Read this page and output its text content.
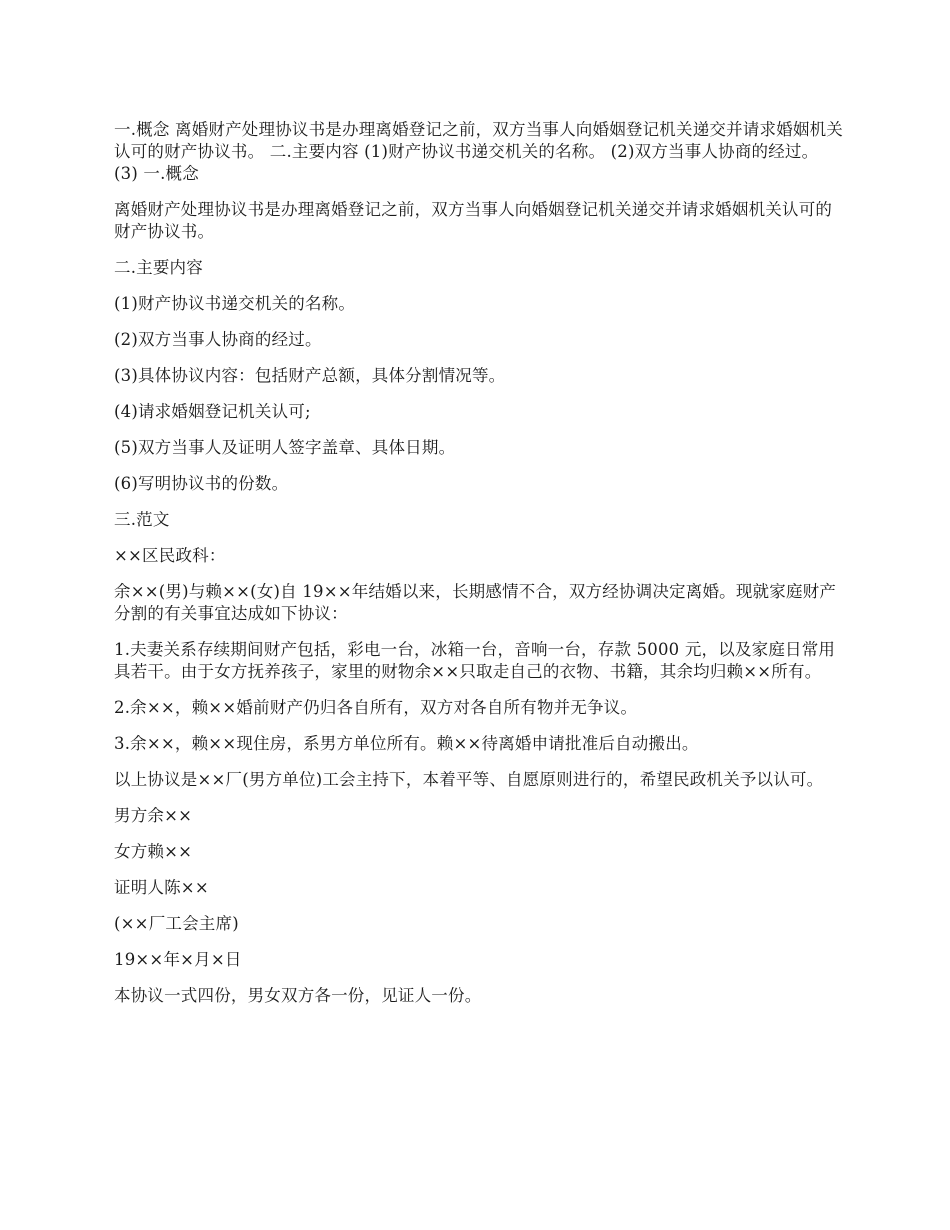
一.概念 离婚财产处理协议书是办理离婚登记之前，双方当事人向婚姻登记机关递交并请求婚姻机关认可的财产协议书。 二.主要内容 (1)财产协议书递交机关的名称。 (2)双方当事人协商的经过。 (3) 一.概念

离婚财产处理协议书是办理离婚登记之前，双方当事人向婚姻登记机关递交并请求婚姻机关认可的财产协议书。

二.主要内容

(1)财产协议书递交机关的名称。

(2)双方当事人协商的经过。

(3)具体协议内容：包括财产总额，具体分割情况等。

(4)请求婚姻登记机关认可;

(5)双方当事人及证明人签字盖章、具体日期。

(6)写明协议书的份数。

三.范文

××区民政科：

余××(男)与赖××(女)自 19××年结婚以来，长期感情不合，双方经协调决定离婚。现就家庭财产分割的有关事宜达成如下协议：

1.夫妻关系存续期间财产包括，彩电一台，冰箱一台，音响一台，存款 5000 元，以及家庭日常用具若干。由于女方抚养孩子，家里的财物余××只取走自己的衣物、书籍，其余均归赖××所有。

2.余××，赖××婚前财产仍归各自所有，双方对各自所有物并无争议。

3.余××，赖××现住房，系男方单位所有。赖××待离婚申请批准后自动搬出。

以上协议是××厂(男方单位)工会主持下，本着平等、自愿原则进行的，希望民政机关予以认可。

男方余××

女方赖××

证明人陈××

(××厂工会主席)

19××年×月×日

本协议一式四份，男女双方各一份，见证人一份。
